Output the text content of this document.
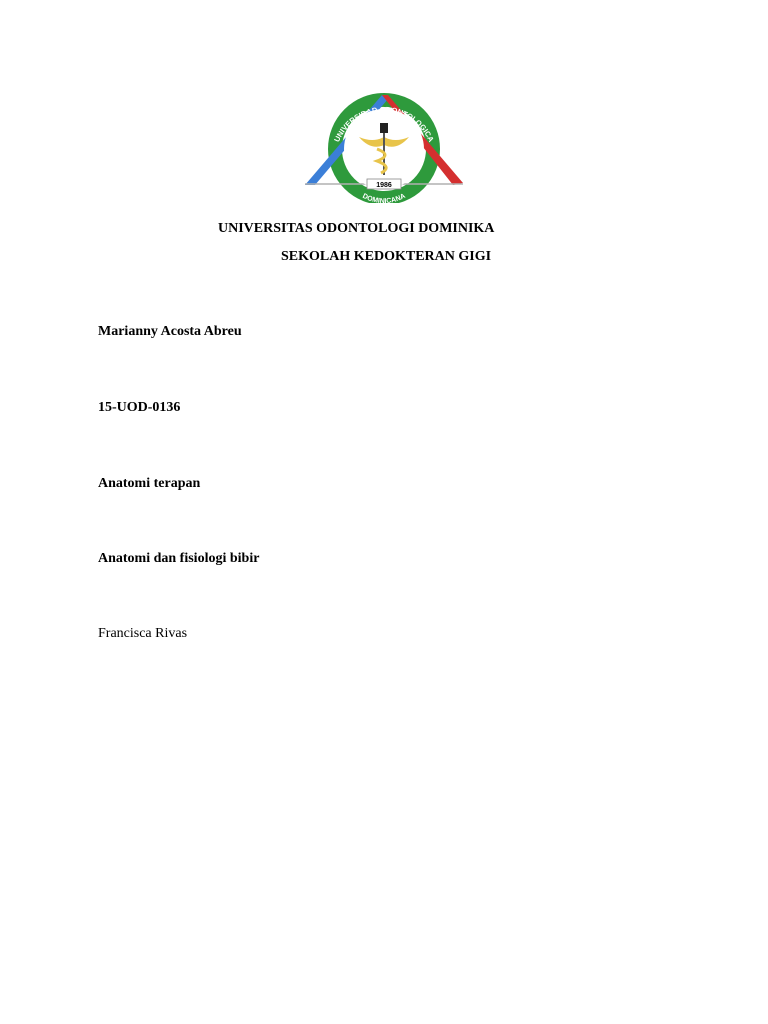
1986
UNIVERSIDAD ODONTOLOGICA
DOMINICANA

UNIVERSITAS ODONTOLOGI DOMINIKA

SEKOLAH KEDOKTERAN GIGI

Marianny Acosta Abreu

15-UOD-0136

Anatomi terapan

Anatomi dan fisiologi bibir

Francisca Rivas
